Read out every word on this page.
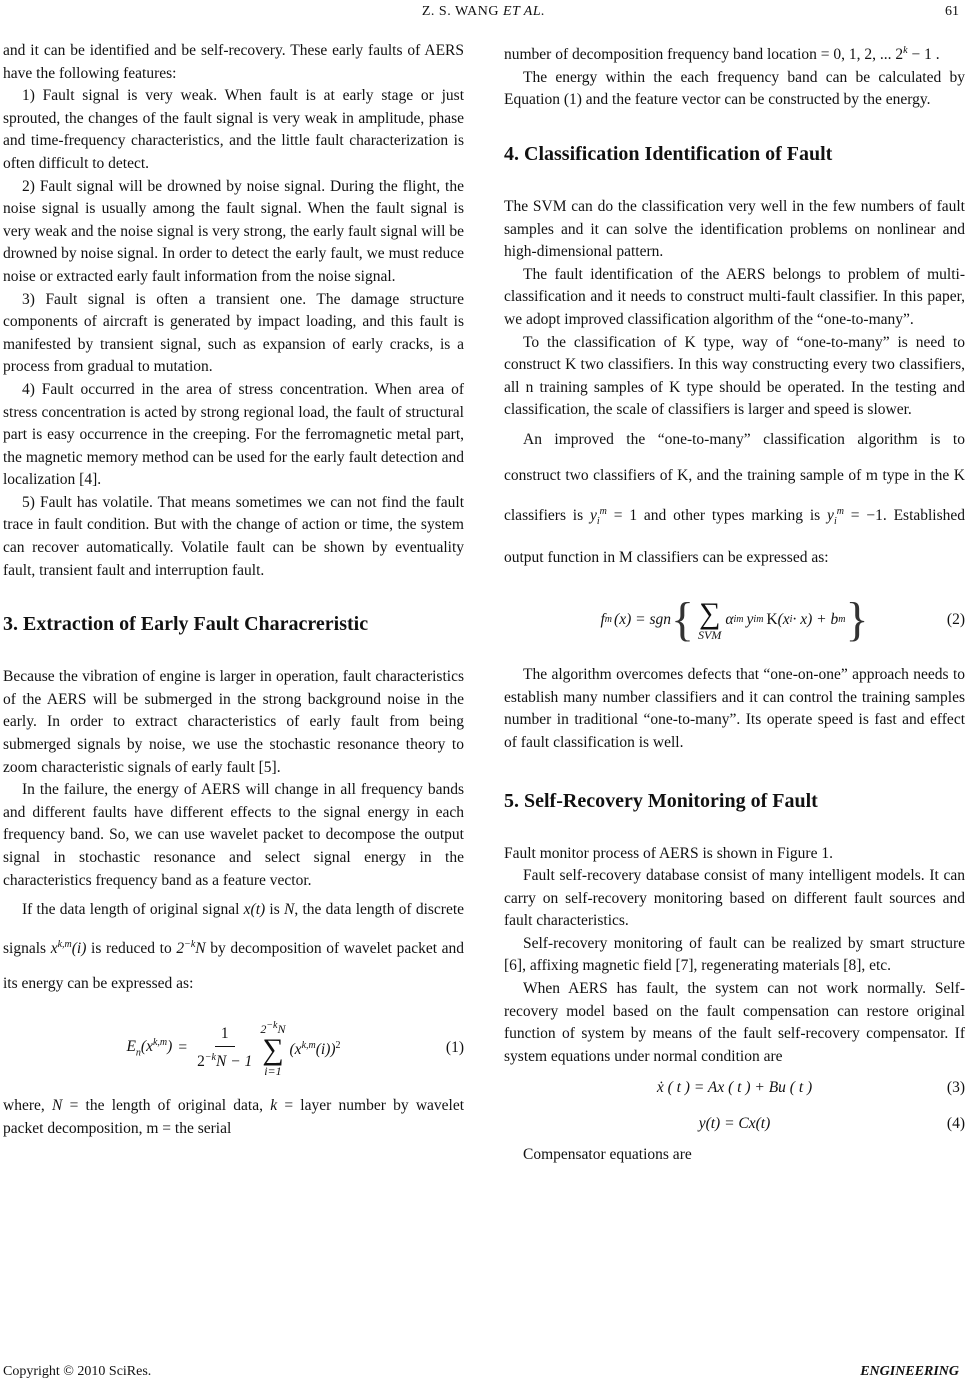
Z. S. WANG ET AL.	61

and it can be identified and be self-recovery. These early faults of AERS have the following features:

1) Fault signal is very weak. When fault is at early stage or just sprouted, the changes of the fault signal is very weak in amplitude, phase and time-frequency characteristics, and the little fault characterization is often difficult to detect.

2) Fault signal will be drowned by noise signal. During the flight, the noise signal is usually among the fault signal. When the fault signal is very weak and the noise signal is very strong, the early fault signal will be drowned by noise signal. In order to detect the early fault, we must reduce noise or extracted early fault information from the noise signal.

3) Fault signal is often a transient one. The damage structure components of aircraft is generated by impact loading, and this fault is manifested by transient signal, such as expansion of early cracks, is a process from gradual to mutation.

4) Fault occurred in the area of stress concentration. When area of stress concentration is acted by strong regional load, the fault of structural part is easy occurrence in the creeping. For the ferromagnetic metal part, the magnetic memory method can be used for the early fault detection and localization [4].

5) Fault has volatile. That means sometimes we can not find the fault trace in fault condition. But with the change of action or time, the system can recover automatically. Volatile fault can be shown by eventuality fault, transient fault and interruption fault.

3. Extraction of Early Fault Characreristic

Because the vibration of engine is larger in operation, fault characteristics of the AERS will be submerged in the strong background noise in the early. In order to extract characteristics of early fault from being submerged signals by noise, we use the stochastic resonance theory to zoom characteristic signals of early fault [5].

In the failure, the energy of AERS will change in all frequency bands and different faults have different effects to the signal energy in each frequency band. So, we can use wavelet packet to decompose the output signal in stochastic resonance and select signal energy in the characteristics frequency band as a feature vector.

If the data length of original signal x(t) is N, the data length of discrete signals $x^{k,m}(i)$ is reduced to $2^{-k}N$ by decomposition of wavelet packet and its energy can be expressed as:

$E_n(x^{k,m}) = \frac{1}{2^{-k}N - 1} 2^{-k}N$
∑
i=1
$(x^{k,m}(i))^2$	(1)

where, N = the length of original data, k = layer number by wavelet packet decomposition, m = the serial

number of decomposition frequency band location = 0, 1, 2, ... $2^k - 1$ .

The energy within the each frequency band can be calculated by Equation (1) and the feature vector can be constructed by the energy.

4. Classification Identification of Fault

The SVM can do the classification very well in the few numbers of fault samples and it can solve the identification problems on nonlinear and high-dimensional pattern.

The fault identification of the AERS belongs to problem of multi-classification and it needs to construct multi-fault classifier. In this paper, we adopt improved classification algorithm of the “one-to-many”.

To the classification of K type, way of “one-to-many” is need to construct K two classifiers. In this way constructing every two classifiers, all n training samples of K type should be operated. In the testing and classification, the scale of classifiers is larger and speed is slower.

An improved the “one-to-many” classification algorithm is to construct two classifiers of K, and the training sample of m type in the K classifiers is $y_i^m = 1$ and other types marking is $y_i^m = -1$. Established output function in M classifiers can be expressed as:

f m (x) = sgn { ∑
SVM
α i m y i m K (x i · x) + b m }	(2)

The algorithm overcomes defects that “one-on-one” approach needs to establish many number classifiers and it can control the training samples number in traditional “one-to-many”. Its operate speed is fast and effect of fault classification is well.

5. Self-Recovery Monitoring of Fault

Fault monitor process of AERS is shown in Figure 1.

Fault self-recovery database consist of many intelligent models. It can carry on self-recovery monitoring based on different fault sources and fault characteristics.

Self-recovery monitoring of fault can be realized by smart structure [6], affixing magnetic field [7], regenerating materials [8], etc.

When AERS has fault, the system can not work normally. Self-recovery model based on the fault compensation can restore original function of system by means of the fault self-recovery compensator. If system equations under normal condition are

ẋ ( t ) = Ax ( t ) + Bu ( t )	(3)
y(t) = Cx(t)	(4)

Compensator equations are

Copyright © 2010 SciRes.	ENGINEERING
